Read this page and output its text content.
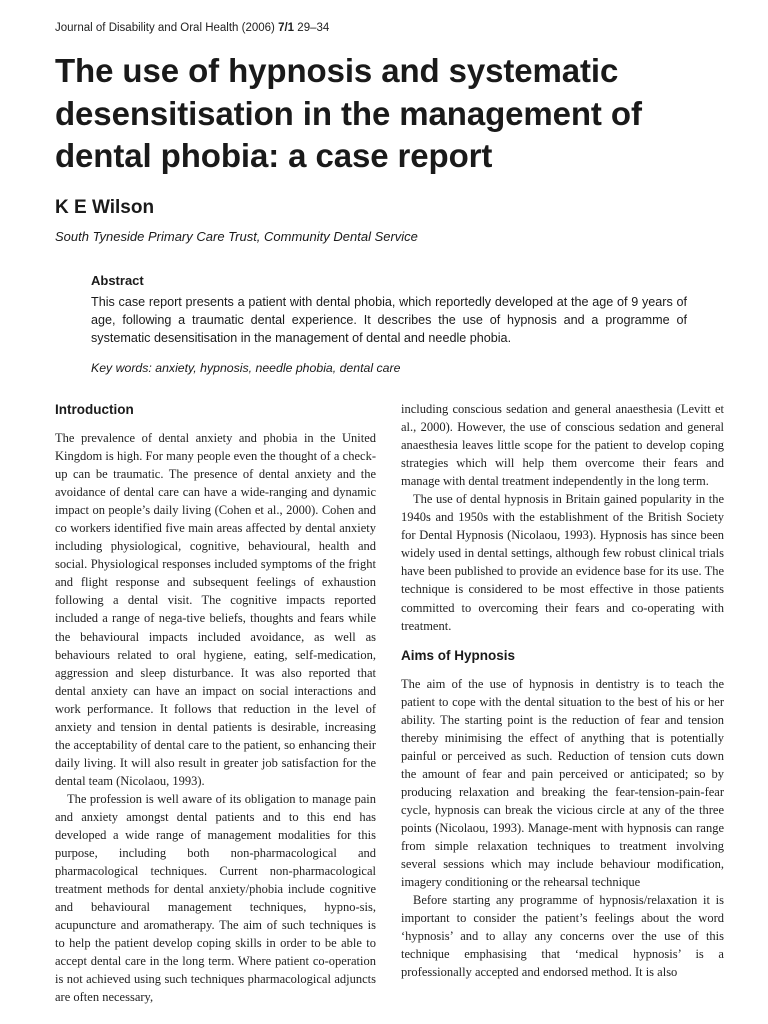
Journal of Disability and Oral Health (2006) 7/1 29–34
The use of hypnosis and systematic desensitisation in the management of dental phobia: a case report
K E Wilson
South Tyneside Primary Care Trust, Community Dental Service
Abstract

This case report presents a patient with dental phobia, which reportedly developed at the age of 9 years of age, following a traumatic dental experience. It describes the use of hypnosis and a programme of systematic desensitisation in the management of dental and needle phobia.

Key words: anxiety, hypnosis, needle phobia, dental care

Introduction

The prevalence of dental anxiety and phobia in the United Kingdom is high. For many people even the thought of a check-up can be traumatic. The presence of dental anxiety and the avoidance of dental care can have a wide-ranging and dynamic impact on people’s daily living (Cohen et al., 2000). Cohen and co workers identified five main areas affected by dental anxiety including physiological, cognitive, behavioural, health and social. Physiological responses included symptoms of the fright and flight response and subsequent feelings of exhaustion following a dental visit. The cognitive impacts reported included a range of nega-tive beliefs, thoughts and fears while the behavioural impacts included avoidance, as well as behaviours related to oral hygiene, eating, self-medication, aggression and sleep disturbance. It was also reported that dental anxiety can have an impact on social interactions and work performance. It follows that reduction in the level of anxiety and tension in dental patients is desirable, increasing the acceptability of dental care to the patient, so enhancing their daily living. It will also result in greater job satisfaction for the dental team (Nicolaou, 1993).

The profession is well aware of its obligation to manage pain and anxiety amongst dental patients and to this end has developed a wide range of management modalities for this purpose, including both non-pharmacological and pharmacological techniques. Current non-pharmacological treatment methods for dental anxiety/phobia include cognitive and behavioural management techniques, hypno-sis, acupuncture and aromatherapy. The aim of such techniques is to help the patient develop coping skills in order to be able to accept dental care in the long term. Where patient co-operation is not achieved using such techniques pharmacological adjuncts are often necessary,

including conscious sedation and general anaesthesia (Levitt et al., 2000). However, the use of conscious sedation and general anaesthesia leaves little scope for the patient to develop coping strategies which will help them overcome their fears and manage with dental treatment independently in the long term.

The use of dental hypnosis in Britain gained popularity in the 1940s and 1950s with the establishment of the British Society for Dental Hypnosis (Nicolaou, 1993). Hypnosis has since been widely used in dental settings, although few robust clinical trials have been published to provide an evidence base for its use. The technique is considered to be most effective in those patients committed to overcoming their fears and co-operating with treatment.

Aims of Hypnosis

The aim of the use of hypnosis in dentistry is to teach the patient to cope with the dental situation to the best of his or her ability. The starting point is the reduction of fear and tension thereby minimising the effect of anything that is potentially painful or perceived as such. Reduction of tension cuts down the amount of fear and pain perceived or anticipated; so by producing relaxation and breaking the fear-tension-pain-fear cycle, hypnosis can break the vicious circle at any of the three points (Nicolaou, 1993). Manage-ment with hypnosis can range from simple relaxation techniques to treatment involving several sessions which may include behaviour modification, imagery conditioning or the rehearsal technique

Before starting any programme of hypnosis/relaxation it is important to consider the patient’s feelings about the word ‘hypnosis’ and to allay any concerns over the use of this technique emphasising that ‘medical hypnosis’ is a professionally accepted and endorsed method. It is also
